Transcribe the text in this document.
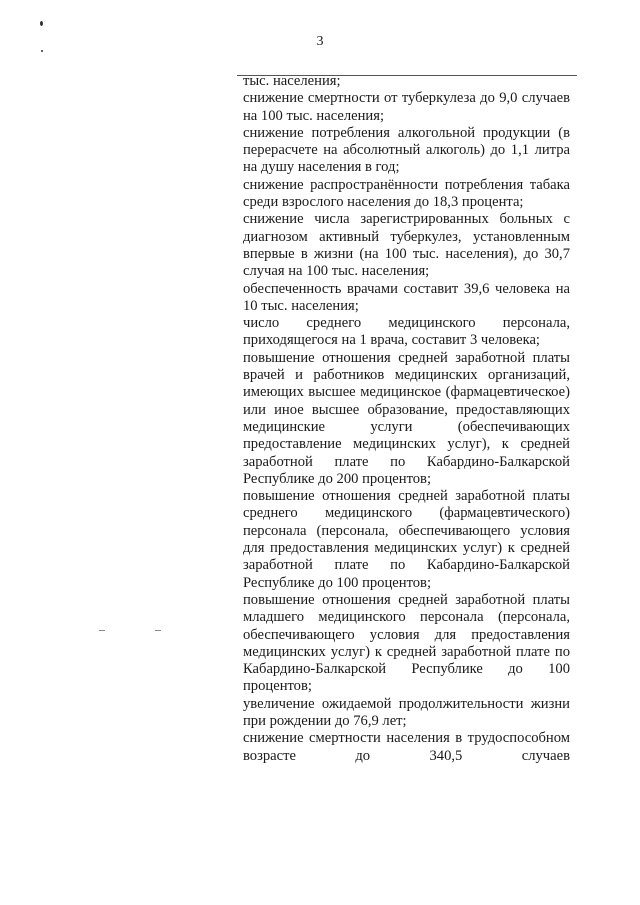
3

тыс. населения;

снижение смертности от туберкулеза до 9,0 случаев на 100 тыс. населения;

снижение потребления алкогольной продукции (в перерасчете на абсолютный алкоголь) до 1,1 литра на душу населения в год;

снижение распространённости потребления табака среди взрослого населения до 18,3 процента;

снижение числа зарегистрированных больных с диагнозом активный туберкулез, установленным впервые в жизни (на 100 тыс. населения), до 30,7 случая на 100 тыс. населения;

обеспеченность врачами составит 39,6 человека на 10 тыс. населения;

число среднего медицинского персонала, приходящегося на 1 врача, составит 3 человека;

повышение отношения средней заработной платы врачей и работников медицинских организаций, имеющих высшее медицинское (фармацевтическое) или иное высшее образование, предоставляющих медицинские услуги (обеспечивающих предоставление медицинских услуг), к средней заработной плате по Кабардино-Балкарской Республике до 200 процентов;

повышение отношения средней заработной платы среднего медицинского (фармацевтического) персонала (персонала, обеспечивающего условия для предоставления медицинских услуг) к средней заработной плате по Кабардино-Балкарской Республике до 100 процентов;

повышение отношения средней заработной платы младшего медицинского персонала (персонала, обеспечивающего условия для предоставления медицинских услуг) к средней заработной плате по Кабардино-Балкарской Республике до 100 процентов;

увеличение ожидаемой продолжительности жизни при рождении до 76,9 лет;

снижение смертности населения в трудоспособном возрасте до 340,5 случаев
